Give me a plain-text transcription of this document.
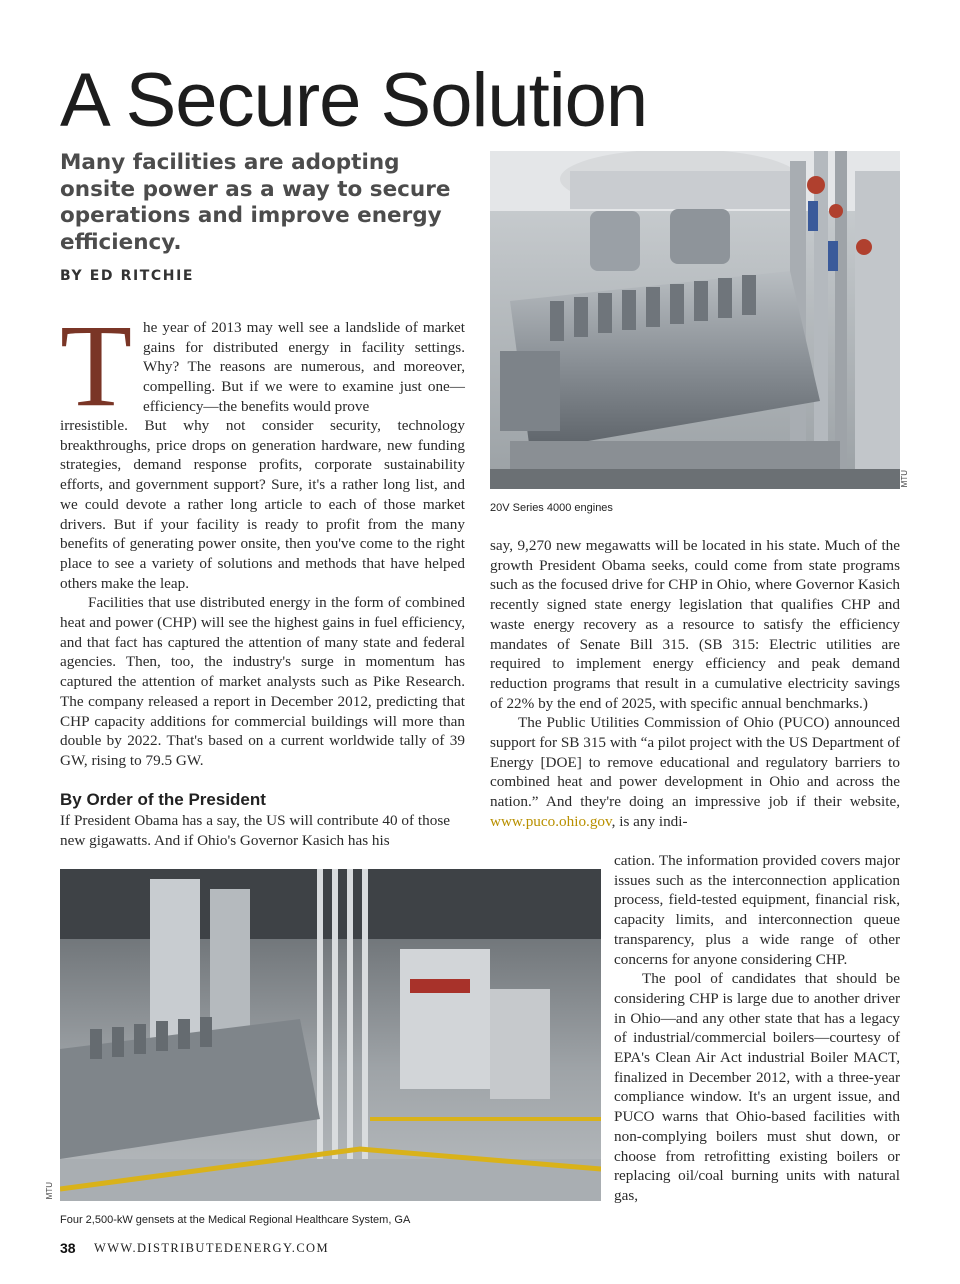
A Secure Solution
Many facilities are adopting onsite power as a way to secure operations and improve energy efficiency.
BY ED RITCHIE
T he year of 2013 may well see a landslide of market gains for distributed energy in facility settings. Why? The reasons are numerous, and moreover, compelling. But if we were to examine just one—efficiency—the benefits would prove

irresistible. But why not consider security, technology breakthroughs, price drops on generation hardware, new funding strategies, demand response profits, corporate sustainability efforts, and government support? Sure, it's a rather long list, and we could devote a rather long article to each of those market drivers. But if your facility is ready to profit from the many benefits of generating power onsite, then you've come to the right place to see a variety of solutions and methods that have helped others make the leap.

Facilities that use distributed energy in the form of combined heat and power (CHP) will see the highest gains in fuel efficiency, and that fact has captured the attention of many state and federal agencies. Then, too, the industry's surge in momentum has captured the attention of market analysts such as Pike Research. The company released a report in December 2012, predicting that CHP capacity additions for commercial buildings will more than double by 2022. That's based on a current worldwide tally of 39 GW, rising to 79.5 GW.

By Order of the President
If President Obama has a say, the US will contribute 40 of those new gigawatts. And if Ohio's Governor Kasich has his
MTU
20V Series 4000 engines

say, 9,270 new megawatts will be located in his state. Much of the growth President Obama seeks, could come from state programs such as the focused drive for CHP in Ohio, where Governor Kasich recently signed state energy legislation that qualifies CHP and waste energy recovery as a resource to satisfy the efficiency mandates of Senate Bill 315. (SB 315: Electric utilities are required to implement energy efficiency and peak demand reduction programs that result in a cumulative electricity savings of 22% by the end of 2025, with specific annual benchmarks.)

The Public Utilities Commission of Ohio (PUCO) announced support for SB 315 with “a pilot project with the US Department of Energy [DOE] to remove educational and regulatory barriers to combined heat and power development in Ohio and across the nation.” And they're doing an impressive job if their website, www.puco.ohio.gov, is any indi-

cation. The information provided covers major issues such as the interconnection application process, field-tested equipment, financial risk, capacity limits, and interconnection queue transparency, plus a wide range of other concerns for anyone considering CHP.

The pool of candidates that should be considering CHP is large due to another driver in Ohio—and any other state that has a legacy of industrial/commercial boilers—courtesy of EPA's Clean Air Act industrial Boiler MACT, finalized in December 2012, with a three-year compliance window. It's an urgent issue, and PUCO warns that Ohio-based facilities with non-complying boilers must shut down, or choose from retrofitting existing boilers or replacing oil/coal burning units with natural gas,

MTU
Four 2,500-kW gensets at the Medical Regional Healthcare System, GA
38 WWW.DISTRIBUTEDENERGY.COM
